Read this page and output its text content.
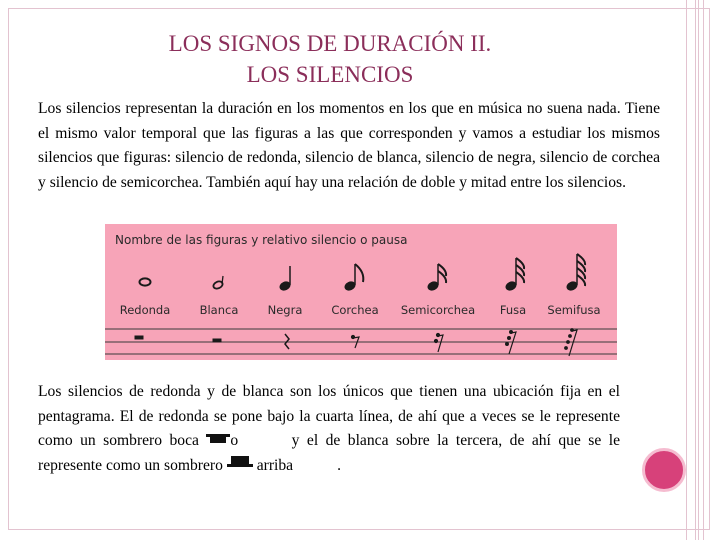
LOS SIGNOS DE DURACIÓN II.
LOS SILENCIOS
Los silencios representan la duración en los momentos en los que en música no suena nada. Tiene el mismo valor temporal que las figuras a las que corresponden y vamos a estudiar los mismos silencios que figuras: silencio de redonda, silencio de blanca, silencio de negra, silencio de corchea y silencio de semicorchea. También aquí hay una relación de doble y mitad entre los silencios.
Nombre de las figuras y relativo silencio o pausa
Redonda	Blanca	Negra	Corchea Semicorchea Fusa Semifusa
Los silencios de redonda y de blanca son los únicos que tienen una ubicación fija en el pentagrama. El de redonda se pone bajo la cuarta línea, de ahí que a veces se le represente como un sombrero boca o	y el de blanca sobre la tercera, de ahí que se le represente como un sombrero  arriba	.
